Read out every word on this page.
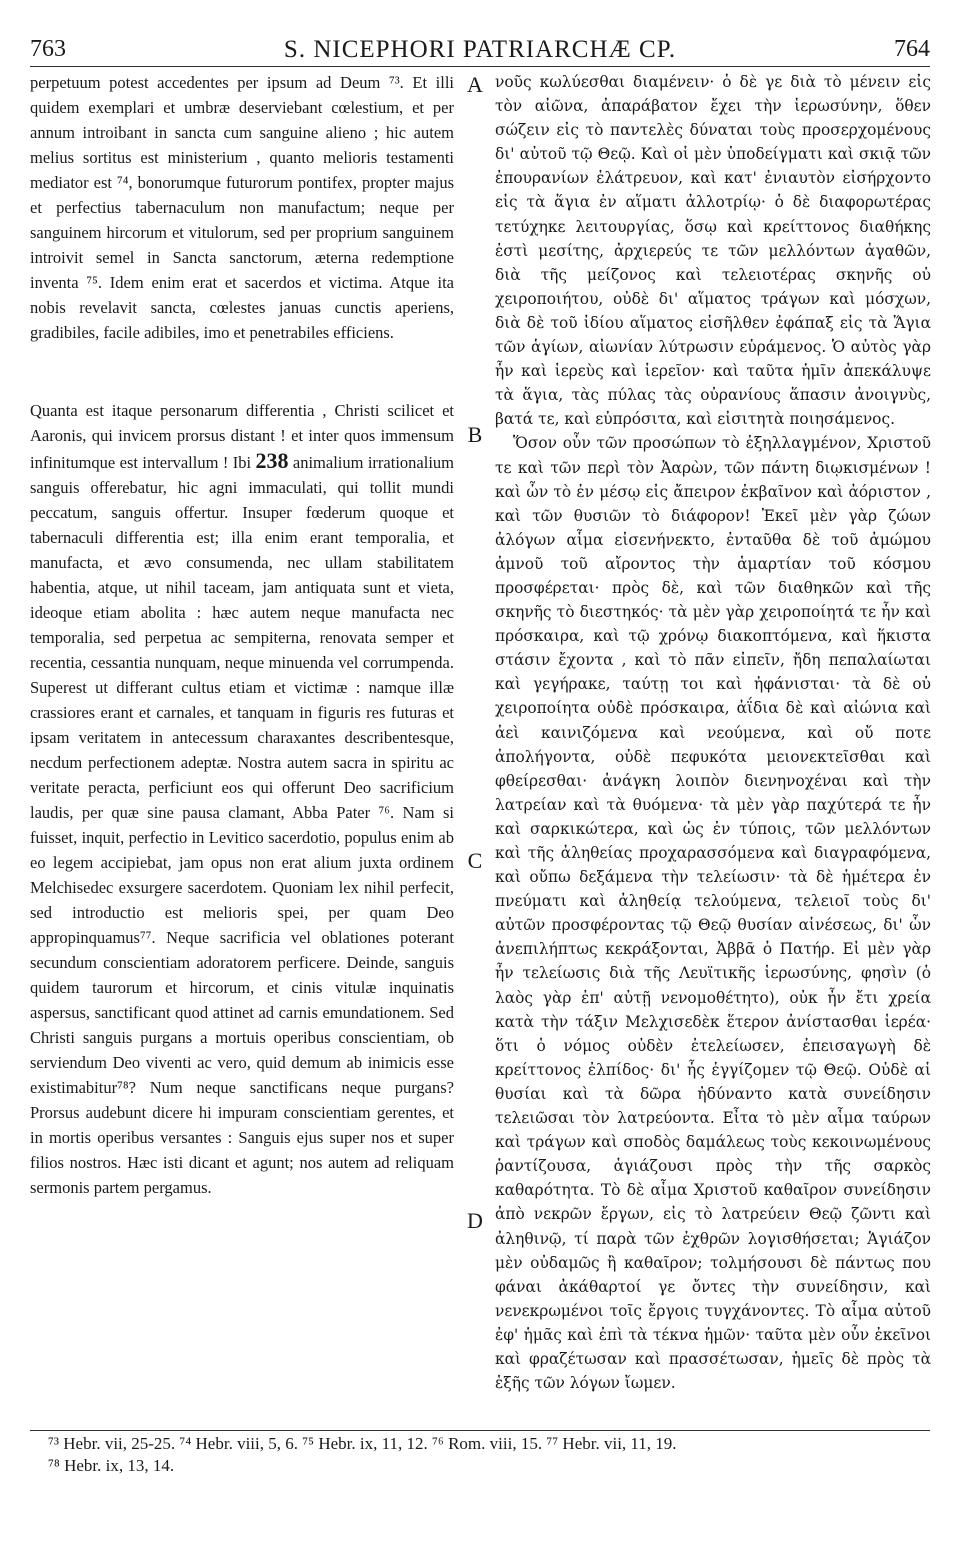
763	S. NICEPHORI PATRIARCHÆ CP.	764

perpetuum potest accedentes per ipsum ad Deum ⁷³. Et illi quidem exemplari et umbræ deserviebant cœlestium, et per annum introibant in sancta cum sanguine alieno ; hic autem melius sortitus est ministerium , quanto melioris testamenti mediator est ⁷⁴, bonorumque futurorum pontifex, propter majus et perfectius tabernaculum non manufactum; neque per sanguinem hircorum et vitulorum, sed per proprium sanguinem introivit semel in Sancta sanctorum, æterna redemptione inventa ⁷⁵. Idem enim erat et sacerdos et victima. Atque ita nobis revelavit sancta, cœlestes januas cunctis aperiens, gradibiles, facile adibiles, imo et penetrabiles efficiens.

Quanta est itaque personarum differentia , Christi scilicet et Aaronis, qui invicem prorsus distant ! et inter quos immensum infinitumque est intervallum ! Ibi 238 animalium irrationalium sanguis offerebatur, hic agni immaculati, qui tollit mundi peccatum, sanguis offertur. Insuper fœderum quoque et tabernaculi differentia est; illa enim erant temporalia, et manufacta, et ævo consumenda, nec ullam stabilitatem habentia, atque, ut nihil taceam, jam antiquata sunt et vieta, ideoque etiam abolita : hæc autem neque manufacta nec temporalia, sed perpetua ac sempiterna, renovata semper et recentia, cessantia nunquam, neque minuenda vel corrumpenda. Superest ut differant cultus etiam et victimæ : namque illæ crassiores erant et carnales, et tanquam in figuris res futuras et ipsam veritatem in antecessum charaxantes describentesque, necdum perfectionem adeptæ. Nostra autem sacra in spiritu ac veritate peracta, perficiunt eos qui offerunt Deo sacrificium laudis, per quæ sine pausa clamant, Abba Pater ⁷⁶. Nam si fuisset, inquit, perfectio in Levitico sacerdotio, populus enim ab eo legem accipiebat, jam opus non erat alium juxta ordinem Melchisedec exsurgere sacerdotem. Quoniam lex nihil perfecit, sed introductio est melioris spei, per quam Deo appropinquamus⁷⁷. Neque sacrificia vel oblationes poterant secundum conscientiam adoratorem perficere. Deinde, sanguis quidem taurorum et hircorum, et cinis vitulæ inquinatis aspersus, sanctificant quod attinet ad carnis emundationem. Sed Christi sanguis purgans a mortuis operibus conscientiam, ob serviendum Deo viventi ac vero, quid demum ab inimicis esse existimabitur⁷⁸? Num neque sanctificans neque purgans? Prorsus audebunt dicere hi impuram conscientiam gerentes, et in mortis operibus versantes : Sanguis ejus super nos et super filios nostros. Hæc isti dicant et agunt; nos autem ad reliquam sermonis partem pergamus.

A
B
C
D

νοῦς κωλύεσθαι διαμένειν· ὁ δὲ γε διὰ τὸ μένειν εἰς τὸν αἰῶνα, ἀπαράβατον ἔχει τὴν ἱερωσύνην, ὅθεν σώζειν εἰς τὸ παντελὲς δύναται τοὺς προσερχομένους δι' αὐτοῦ τῷ Θεῷ. Καὶ οἱ μὲν ὑποδείγματι καὶ σκιᾷ τῶν ἐπουρανίων ἐλάτρευον, καὶ κατ' ἐνιαυτὸν εἰσήρχοντο εἰς τὰ ἅγια ἐν αἵματι ἀλλοτρίῳ· ὁ δὲ διαφορωτέρας τετύχηκε λειτουργίας, ὅσῳ καὶ κρείττονος διαθήκης ἐστὶ μεσίτης, ἀρχιερεύς τε τῶν μελλόντων ἀγαθῶν, διὰ τῆς μείζονος καὶ τελειοτέρας σκηνῆς οὐ χειροποιήτου, οὐδὲ δι' αἵματος τράγων καὶ μόσχων, διὰ δὲ τοῦ ἰδίου αἵματος εἰσῆλθεν ἐφάπαξ εἰς τὰ Ἅγια τῶν ἁγίων, αἰωνίαν λύτρωσιν εὑράμενος. Ὁ αὐτὸς γὰρ ἦν καὶ ἱερεὺς καὶ ἱερεῖον· καὶ ταῦτα ἡμῖν ἀπεκάλυψε τὰ ἅγια, τὰς πύλας τὰς οὐρανίους ἅπασιν ἀνοιγνὺς, βατά τε, καὶ εὐπρόσιτα, καὶ εἰσιτητὰ ποιησάμενος.

Ὅσον οὖν τῶν προσώπων τὸ ἐξηλλαγμένον, Χριστοῦ τε καὶ τῶν περὶ τὸν Ἀαρὼν, τῶν πάντη διῳκισμένων ! καὶ ὧν τὸ ἐν μέσῳ εἰς ἄπειρον ἐκβαῖνον καὶ ἀόριστον , καὶ τῶν θυσιῶν τὸ διάφορον! Ἐκεῖ μὲν γὰρ ζώων ἀλόγων αἷμα εἰσενήνεκτο, ἐνταῦθα δὲ τοῦ ἀμώμου ἀμνοῦ τοῦ αἴροντος τὴν ἁμαρτίαν τοῦ κόσμου προσφέρεται· πρὸς δὲ, καὶ τῶν διαθηκῶν καὶ τῆς σκηνῆς τὸ διεστηκός· τὰ μὲν γὰρ χειροποίητά τε ἦν καὶ πρόσκαιρα, καὶ τῷ χρόνῳ διακοπτόμενα, καὶ ἥκιστα στάσιν ἔχοντα , καὶ τὸ πᾶν εἰπεῖν, ἤδη πεπαλαίωται καὶ γεγήρακε, ταύτῃ τοι καὶ ἠφάνισται· τὰ δὲ οὐ χειροποίητα οὐδὲ πρόσκαιρα, ἀΐδια δὲ καὶ αἰώνια καὶ ἀεὶ καινιζόμενα καὶ νεούμενα, καὶ οὔ ποτε ἀπολήγοντα, οὐδὲ πεφυκότα μειονεκτεῖσθαι καὶ φθείρεσθαι· ἀνάγκη λοιπὸν διενηνοχέναι καὶ τὴν λατρείαν καὶ τὰ θυόμενα· τὰ μὲν γὰρ παχύτερά τε ἦν καὶ σαρκικώτερα, καὶ ὡς ἐν τύποις, τῶν μελλόντων καὶ τῆς ἀληθείας προχαρασσόμενα καὶ διαγραφόμενα, καὶ οὔπω δεξάμενα τὴν τελείωσιν· τὰ δὲ ἡμέτερα ἐν πνεύματι καὶ ἀληθείᾳ τελούμενα, τελειοῖ τοὺς δι' αὐτῶν προσφέροντας τῷ Θεῷ θυσίαν αἰνέσεως, δι' ὧν ἀνεπιλήπτως κεκράξονται, Ἀββᾶ ὁ Πατήρ. Εἰ μὲν γὰρ ἦν τελείωσις διὰ τῆς Λευϊτικῆς ἱερωσύνης, φησὶν (ὁ λαὸς γὰρ ἐπ' αὐτῇ νενομοθέτητο), οὐκ ἦν ἔτι χρεία κατὰ τὴν τάξιν Μελχισεδὲκ ἕτερον ἀνίστασθαι ἱερέα· ὅτι ὁ νόμος οὐδὲν ἐτελείωσεν, ἐπεισαγωγὴ δὲ κρείττονος ἐλπίδος· δι' ἧς ἐγγίζομεν τῷ Θεῷ. Οὐδὲ αἱ θυσίαι καὶ τὰ δῶρα ἠδύναντο κατὰ συνείδησιν τελειῶσαι τὸν λατρεύοντα. Εἶτα τὸ μὲν αἷμα ταύρων καὶ τράγων καὶ σποδὸς δαμάλεως τοὺς κεκοινωμένους ῥαντίζουσα, ἁγιάζουσι πρὸς τὴν τῆς σαρκὸς καθαρότητα. Τὸ δὲ αἷμα Χριστοῦ καθαῖρον συνείδησιν ἀπὸ νεκρῶν ἔργων, εἰς τὸ λατρεύειν Θεῷ ζῶντι καὶ ἀληθινῷ, τί παρὰ τῶν ἐχθρῶν λογισθήσεται; Ἁγιάζον μὲν οὐδαμῶς ἢ καθαῖρον; τολμήσουσι δὲ πάντως που φάναι ἀκάθαρτοί γε ὄντες τὴν συνείδησιν, καὶ νενεκρωμένοι τοῖς ἔργοις τυγχάνοντες. Τὸ αἷμα αὐτοῦ ἐφ' ἡμᾶς καὶ ἐπὶ τὰ τέκνα ἡμῶν· ταῦτα μὲν οὖν ἐκεῖνοι καὶ φραζέτωσαν καὶ πρασσέτωσαν, ἡμεῖς δὲ πρὸς τὰ ἑξῆς τῶν λόγων ἴωμεν.

⁷³ Hebr. vii, 25-25. ⁷⁴ Hebr. viii, 5, 6. ⁷⁵ Hebr. ix, 11, 12. ⁷⁶ Rom. viii, 15. ⁷⁷ Hebr. vii, 11, 19.
⁷⁸ Hebr. ix, 13, 14.
